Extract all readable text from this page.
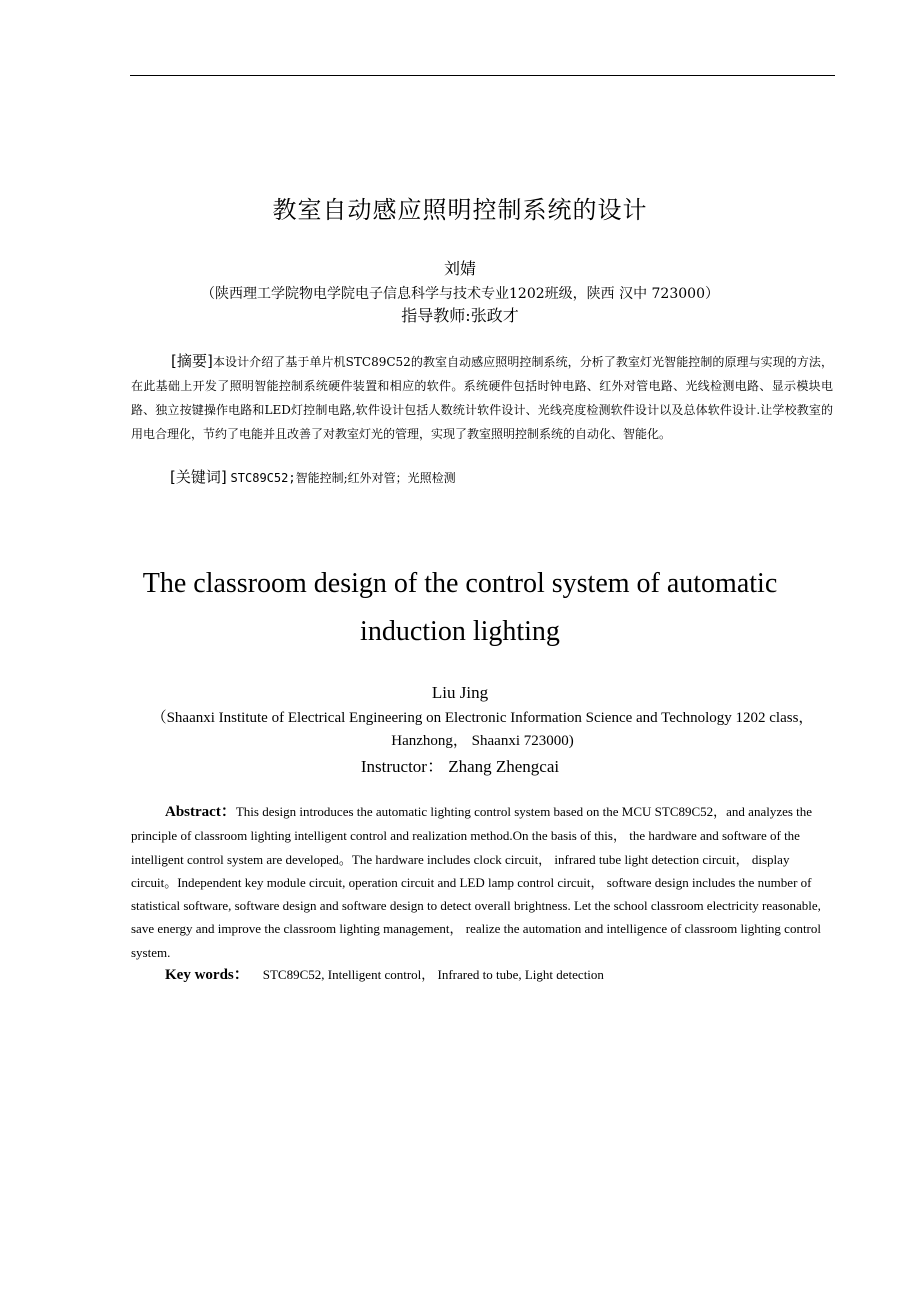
教室自动感应照明控制系统的设计
刘婧
（陕西理工学院物电学院电子信息科学与技术专业1202班级，陕西 汉中 723000）
指导教师:张政才
[摘要]本设计介绍了基于单片机STC89C52的教室自动感应照明控制系统，分析了教室灯光智能控制的原理与实现的方法，在此基础上开发了照明智能控制系统硬件装置和相应的软件。系统硬件包括时钟电路、红外对管电路、光线检测电路、显示模块电路、独立按键操作电路和LED灯控制电路,软件设计包括人数统计软件设计、光线亮度检测软件设计以及总体软件设计.让学校教室的用电合理化，节约了电能并且改善了对教室灯光的管理，实现了教室照明控制系统的自动化、智能化。
[关键词] STC89C52;智能控制;红外对管；光照检测
The classroom design of the control system of automatic
induction lighting
Liu Jing
（Shaanxi Institute of Electrical Engineering on Electronic Information Science and Technology 1202 class， Hanzhong， Shaanxi 723000)
Instructor： Zhang Zhengcai
Abstract：This design introduces the automatic lighting control system based on the MCU STC89C52，and analyzes the principle of classroom lighting intelligent control and realization method.On the basis of this， the hardware and software of the intelligent control system are developed。The hardware includes clock circuit， infrared tube light detection circuit， display circuit。Independent key module circuit, operation circuit and LED lamp control circuit， software design includes the number of statistical software, software design and software design to detect overall brightness. Let the school classroom electricity reasonable, save energy and improve the classroom lighting management， realize the automation and intelligence of classroom lighting control system.
Key words： STC89C52, Intelligent control， Infrared to tube, Light detection
